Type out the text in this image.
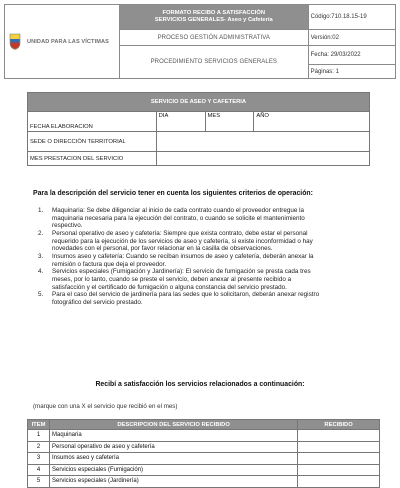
UNIDAD PARA LAS VÍCTIMAS	FORMATO RECIBO A SATISFACCIÓN
SERVICIOS GENERALES- Aseo y Cafetería	Código:710.18.15-19
	PROCESO GESTIÓN ADMINISTRATIVA	Versión:02
	PROCEDIMIENTO SERVICIOS GENERALES	Fecha: 29/03/2022
		Páginas: 1
SERVICIO DE ASEO Y CAFETERIA			
FECHA ELABORACION	DIA	MES	AÑO
SEDE O DIRECCIÓN TERRITORIAL			
MES PRESTACION DEL SERVICIO			
Para la descripción del servicio tener en cuenta los siguientes criterios de operación:
1. Maquinaria: Se debe diligenciar al inicio de cada contrato cuando el proveedor entregue la
maquinaria necesaria para la ejecución del contrato, o cuando se solicite el mantenimiento
respectivo.
2. Personal operativo de aseo y cafetería: Siempre que exista contrato, debe estar el personal
requerido para la ejecución de los servicios de aseo y cafetería, si existe inconformidad o hay
novedades con el personal, por favor relacionar en la casilla de observaciones.
3. Insumos aseo y cafetería: Cuando se reciban insumos de aseo y cafetería, deberán anexar la
remisión o factura que deja el proveedor.
4. Servicios especiales (Fumigación y Jardinería): El servicio de fumigación se presta cada tres
meses, por lo tanto, cuando se preste el servicio, deben anexar al presente recibido a
satisfacción y el certificado de fumigación o alguna constancia del servicio prestado.
5. Para el caso del servicio de jardinería para las sedes que lo solicitaron, deberán anexar registro
fotográfico del servicio prestado.
Recibí a satisfacción los servicios relacionados a continuación:
(marque con una X el servicio que recibió en el mes)
ITEM	DESCRIPCION DEL SERVICIO RECIBIDO	RECIBIDO
1	Maquinaria	
2	Personal operativo de aseo y cafetería	
3	Insumos aseo y cafetería	
4	Servicios especiales (Fumigación)	
5	Servicios especiales (Jardinería)	
